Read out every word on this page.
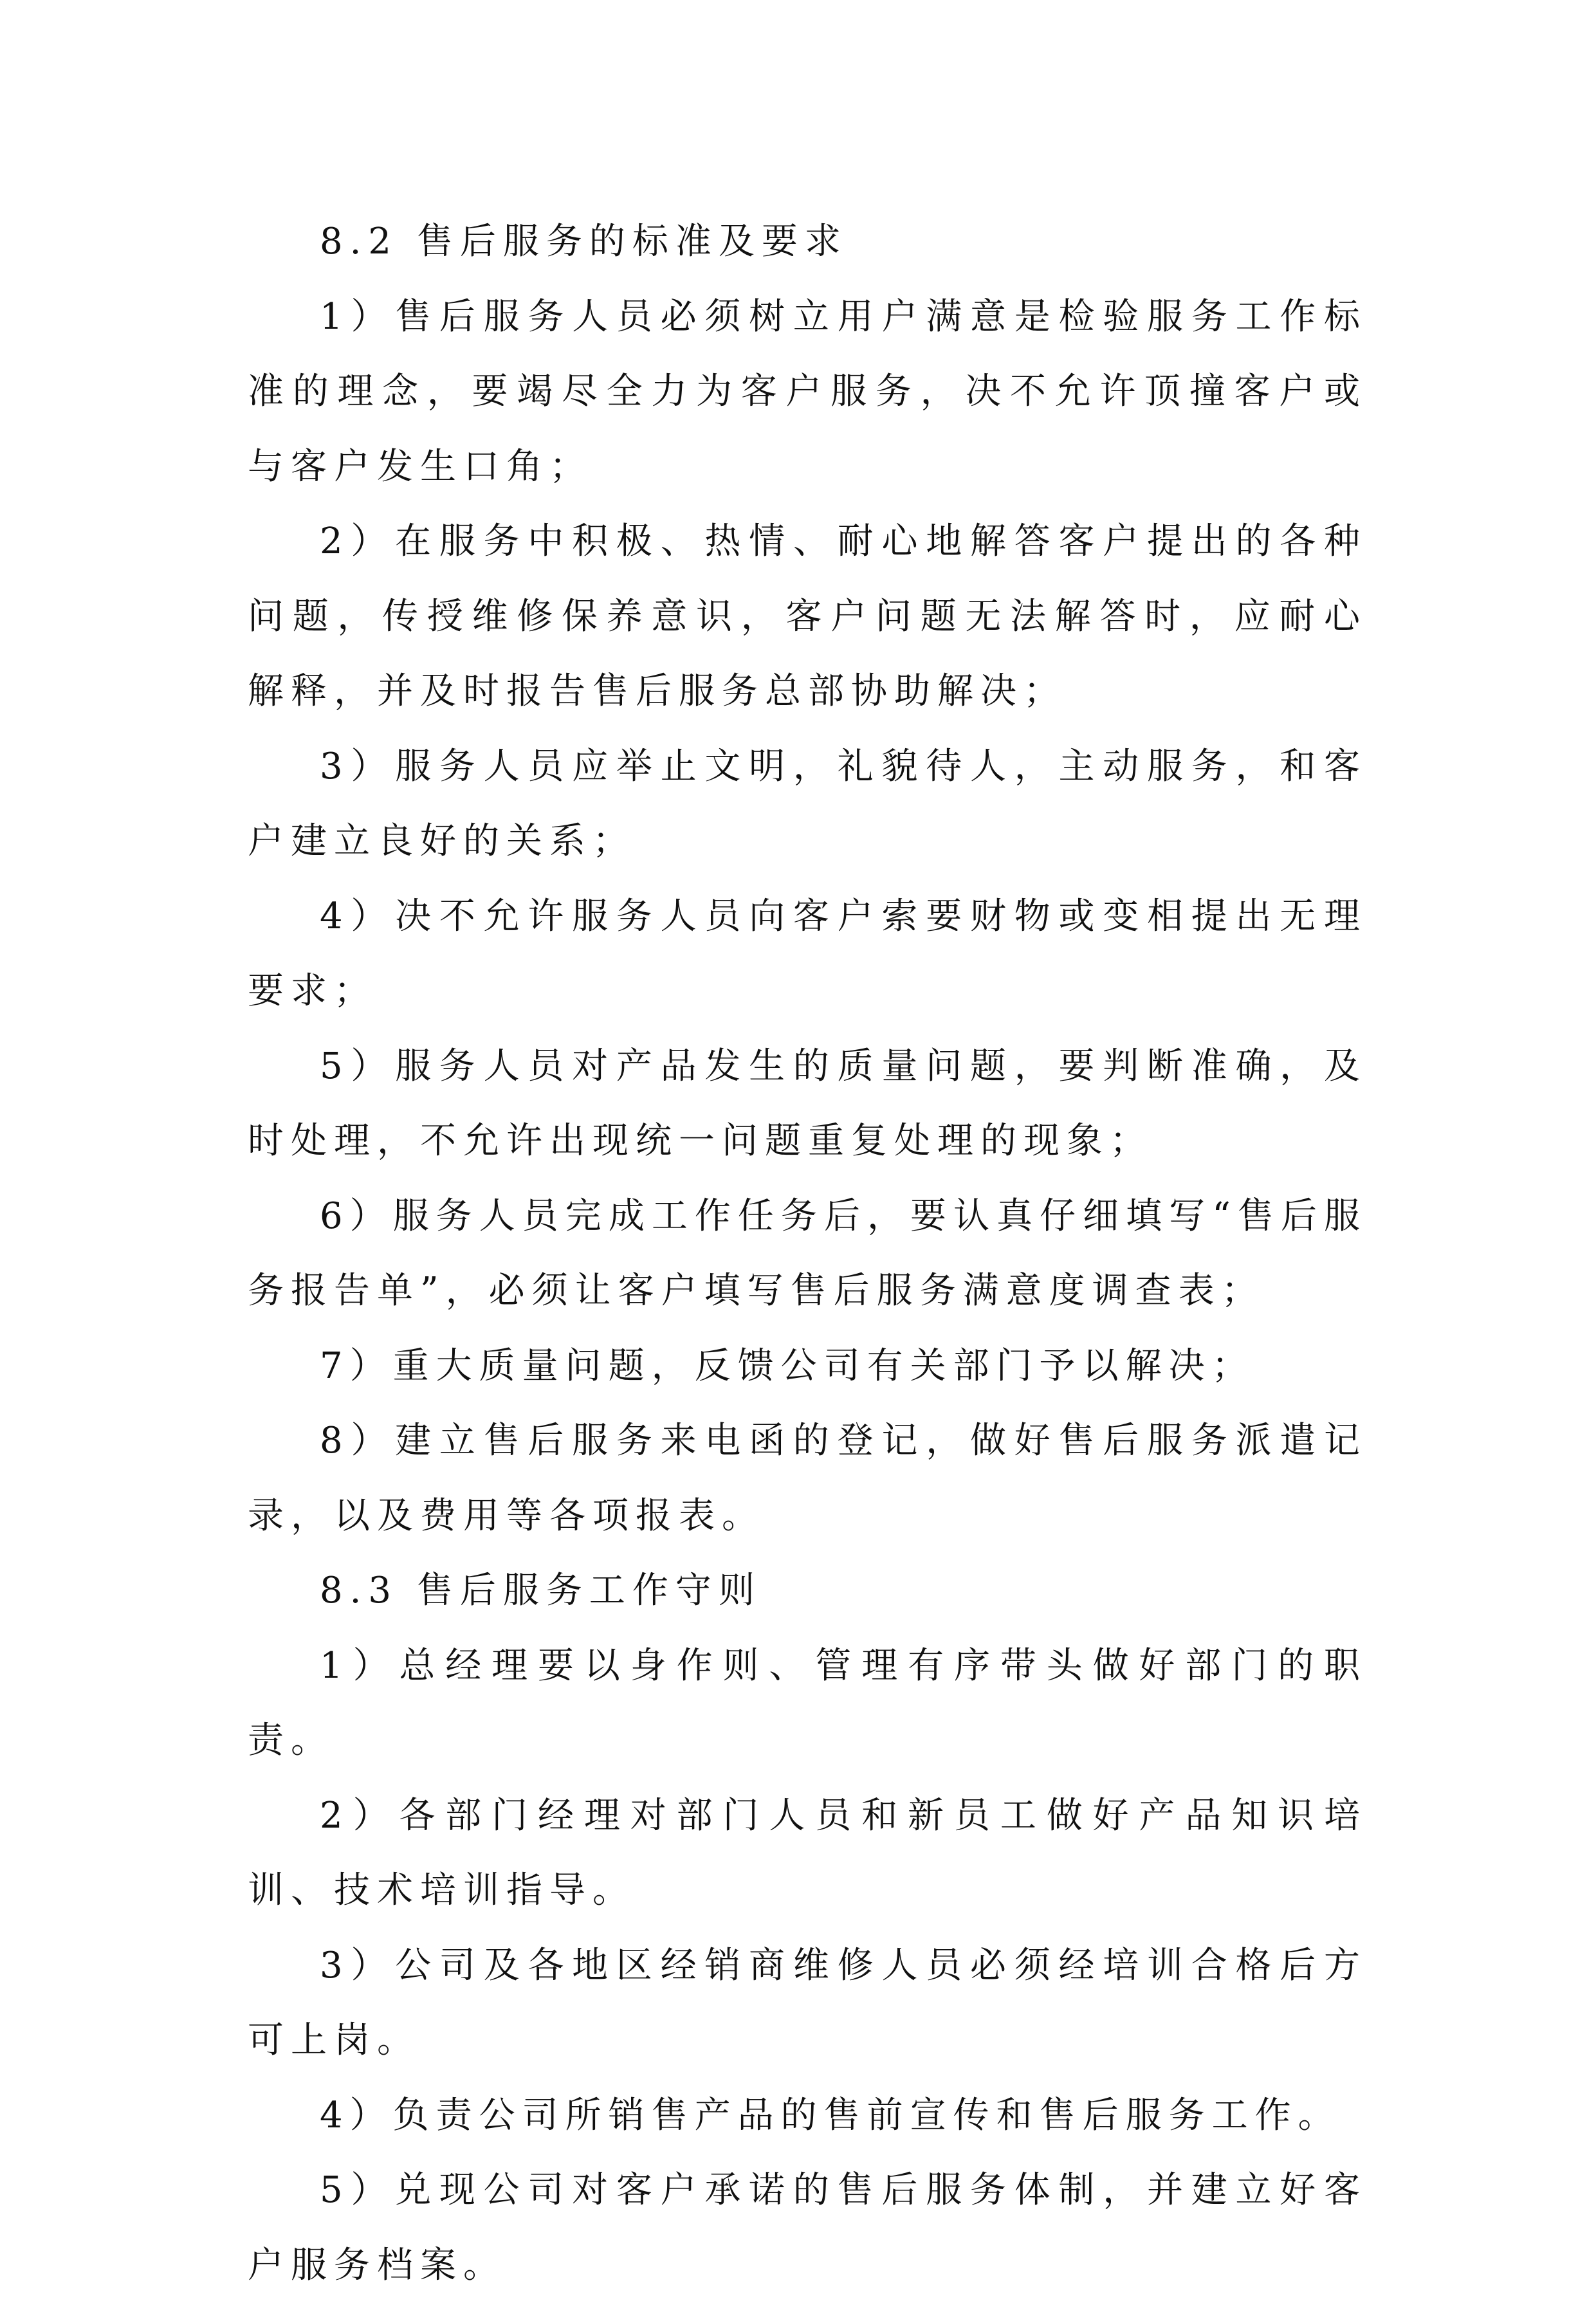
8.2 售后服务的标准及要求

1）售后服务人员必须树立用户满意是检验服务工作标准的理念，要竭尽全力为客户服务，决不允许顶撞客户或与客户发生口角；

2）在服务中积极、热情、耐心地解答客户提出的各种问题，传授维修保养意识，客户问题无法解答时，应耐心解释，并及时报告售后服务总部协助解决；

3）服务人员应举止文明，礼貌待人，主动服务，和客户建立良好的关系；

4）决不允许服务人员向客户索要财物或变相提出无理要求；

5）服务人员对产品发生的质量问题，要判断准确，及时处理，不允许出现统一问题重复处理的现象；

6）服务人员完成工作任务后，要认真仔细填写“售后服务报告单”，必须让客户填写售后服务满意度调查表；

7）重大质量问题，反馈公司有关部门予以解决；

8）建立售后服务来电函的登记，做好售后服务派遣记录，以及费用等各项报表。

8.3 售后服务工作守则

1）总经理要以身作则、管理有序带头做好部门的职责。

2）各部门经理对部门人员和新员工做好产品知识培训、技术培训指导。

3）公司及各地区经销商维修人员必须经培训合格后方可上岗。

4）负责公司所销售产品的售前宣传和售后服务工作。

5）兑现公司对客户承诺的售后服务体制，并建立好客户服务档案。
